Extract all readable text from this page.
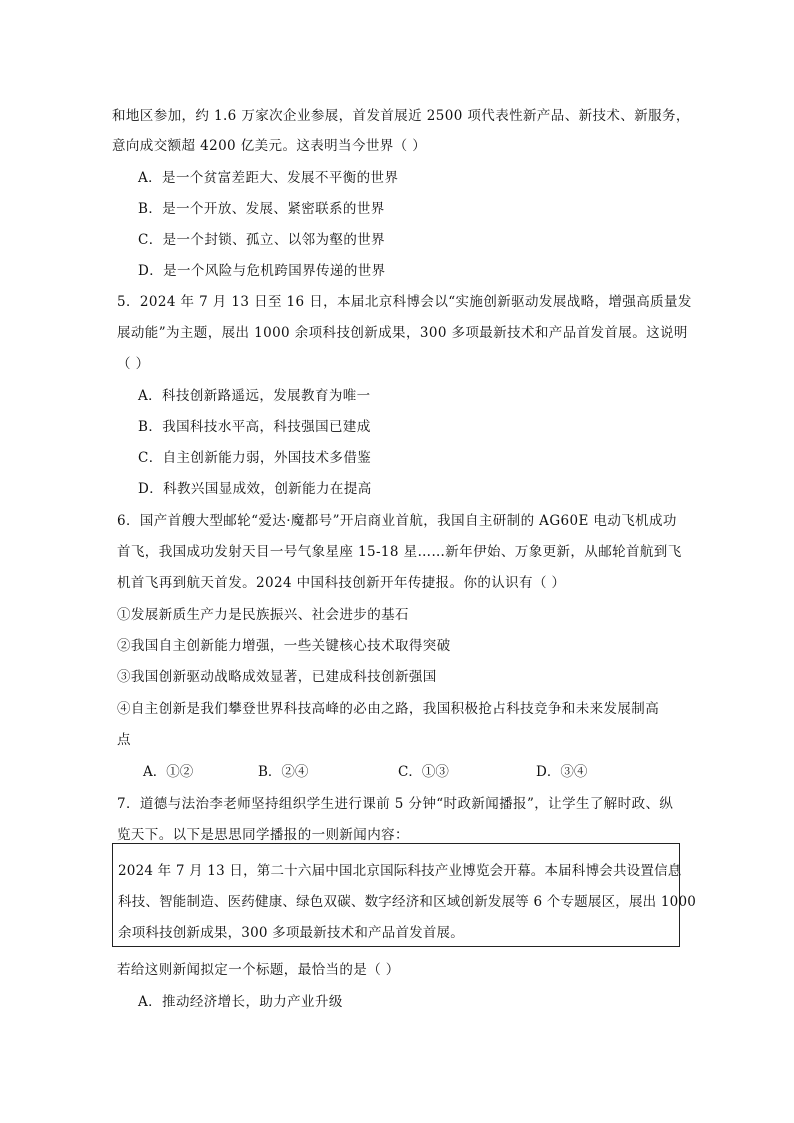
和地区参加，约 1.6 万家次企业参展，首发首展近 2500 项代表性新产品、新技术、新服务，
意向成交额超 4200 亿美元。这表明当今世界（ ）
A．是一个贫富差距大、发展不平衡的世界
B．是一个开放、发展、紧密联系的世界
C．是一个封锁、孤立、以邻为壑的世界
D．是一个风险与危机跨国界传递的世界
5．2024 年 7 月 13 日至 16 日，本届北京科博会以“实施创新驱动发展战略，增强高质量发
展动能”为主题，展出 1000 余项科技创新成果，300 多项最新技术和产品首发首展。这说明
（ ）
A．科技创新路遥远，发展教育为唯一
B．我国科技水平高，科技强国已建成
C．自主创新能力弱，外国技术多借鉴
D．科教兴国显成效，创新能力在提高
6．国产首艘大型邮轮“爱达·魔都号”开启商业首航，我国自主研制的 AG60E 电动飞机成功
首飞，我国成功发射天目一号气象星座 15-18 星……新年伊始、万象更新，从邮轮首航到飞
机首飞再到航天首发。2024 中国科技创新开年传捷报。你的认识有（ ）
①发展新质生产力是民族振兴、社会进步的基石
②我国自主创新能力增强，一些关键核心技术取得突破
③我国创新驱动战略成效显著，已建成科技创新强国
④自主创新是我们攀登世界科技高峰的必由之路，我国积极抢占科技竞争和未来发展制高
点
A．①②	B．②④	C．①③	D．③④
7．道德与法治李老师坚持组织学生进行课前 5 分钟“时政新闻播报”，让学生了解时政、纵
览天下。以下是思思同学播报的一则新闻内容：
2024 年 7 月 13 日，第二十六届中国北京国际科技产业博览会开幕。本届科博会共设置信息
科技、智能制造、医药健康、绿色双碳、数字经济和区域创新发展等 6 个专题展区，展出 1000
余项科技创新成果，300 多项最新技术和产品首发首展。
若给这则新闻拟定一个标题，最恰当的是（ ）
A．推动经济增长，助力产业升级
